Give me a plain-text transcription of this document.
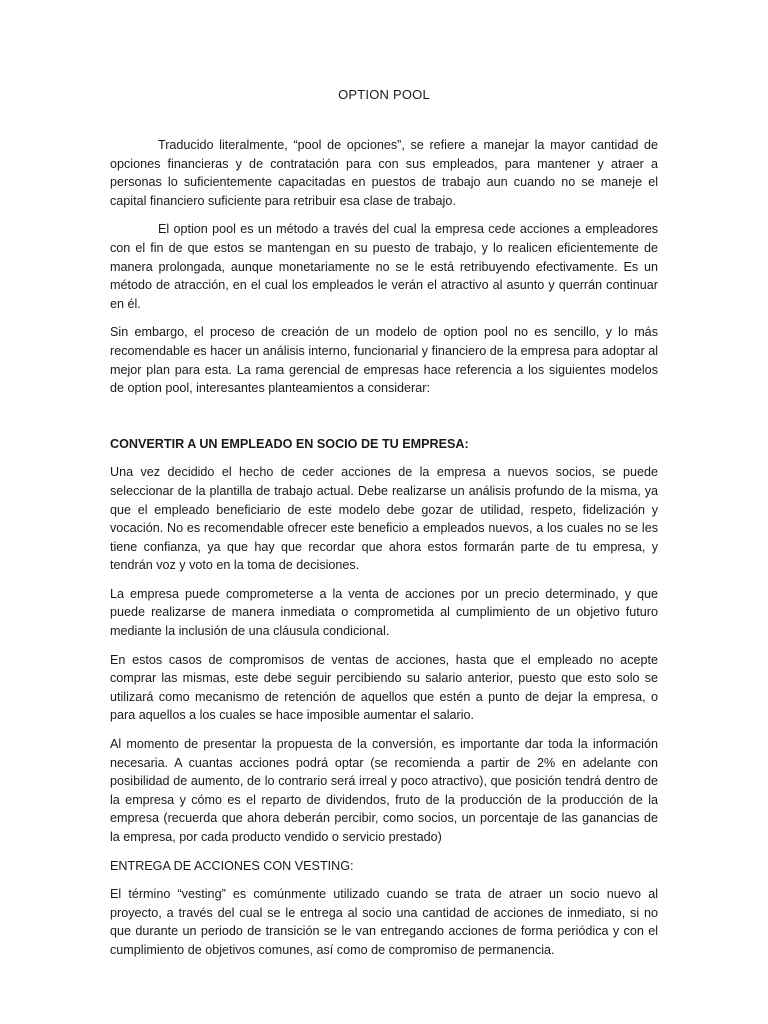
OPTION POOL

Traducido literalmente, “pool de opciones”, se refiere a manejar la mayor cantidad de opciones financieras y de contratación para con sus empleados, para mantener y atraer a personas lo suficientemente capacitadas en puestos de trabajo aun cuando no se maneje el capital financiero suficiente para retribuir esa clase de trabajo.

El option pool es un método a través del cual la empresa cede acciones a empleadores con el fin de que estos se mantengan en su puesto de trabajo, y lo realicen eficientemente de manera prolongada, aunque monetariamente no se le está retribuyendo efectivamente. Es un método de atracción, en el cual los empleados le verán el atractivo al asunto y querrán continuar en él.

Sin embargo, el proceso de creación de un modelo de option pool no es sencillo, y lo más recomendable es hacer un análisis interno, funcionarial y financiero de la empresa para adoptar al mejor plan para esta. La rama gerencial de empresas hace referencia a los siguientes modelos de option pool, interesantes planteamientos a considerar:

CONVERTIR A UN EMPLEADO EN SOCIO DE TU EMPRESA:

Una vez decidido el hecho de ceder acciones de la empresa a nuevos socios, se puede seleccionar de la plantilla de trabajo actual. Debe realizarse un análisis profundo de la misma, ya que el empleado beneficiario de este modelo debe gozar de utilidad, respeto, fidelización y vocación. No es recomendable ofrecer este beneficio a empleados nuevos, a los cuales no se les tiene confianza, ya que hay que recordar que ahora estos formarán parte de tu empresa, y tendrán voz y voto en la toma de decisiones.

La empresa puede comprometerse a la venta de acciones por un precio determinado, y que puede realizarse de manera inmediata o comprometida al cumplimiento de un objetivo futuro mediante la inclusión de una cláusula condicional.

En estos casos de compromisos de ventas de acciones, hasta que el empleado no acepte comprar las mismas, este debe seguir percibiendo su salario anterior, puesto que esto solo se utilizará como mecanismo de retención de aquellos que estén a punto de dejar la empresa, o para aquellos a los cuales se hace imposible aumentar el salario.

Al momento de presentar la propuesta de la conversión, es importante dar toda la información necesaria. A cuantas acciones podrá optar (se recomienda a partir de 2% en adelante con posibilidad de aumento, de lo contrario será irreal y poco atractivo), que posición tendrá dentro de la empresa y cómo es el reparto de dividendos, fruto de la producción de la producción de la empresa (recuerda que ahora deberán percibir, como socios, un porcentaje de las ganancias de la empresa, por cada producto vendido o servicio prestado)

ENTREGA DE ACCIONES CON VESTING:

El término “vesting” es comúnmente utilizado cuando se trata de atraer un socio nuevo al proyecto, a través del cual se le entrega al socio una cantidad de acciones de inmediato, si no que durante un periodo de transición se le van entregando acciones de forma periódica y con el cumplimiento de objetivos comunes, así como de compromiso de permanencia.
